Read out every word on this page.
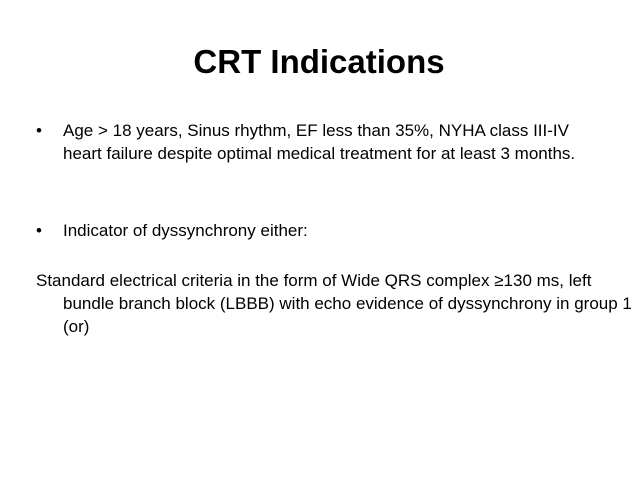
CRT Indications
• Age > 18 years, Sinus rhythm, EF less than 35%, NYHA class III-IV heart failure despite optimal medical treatment for at least 3 months.
• Indicator of dyssynchrony either:

Standard electrical criteria in the form of Wide QRS complex ≥130 ms, left bundle branch block (LBBB) with echo evidence of dyssynchrony in group 1 (or)
